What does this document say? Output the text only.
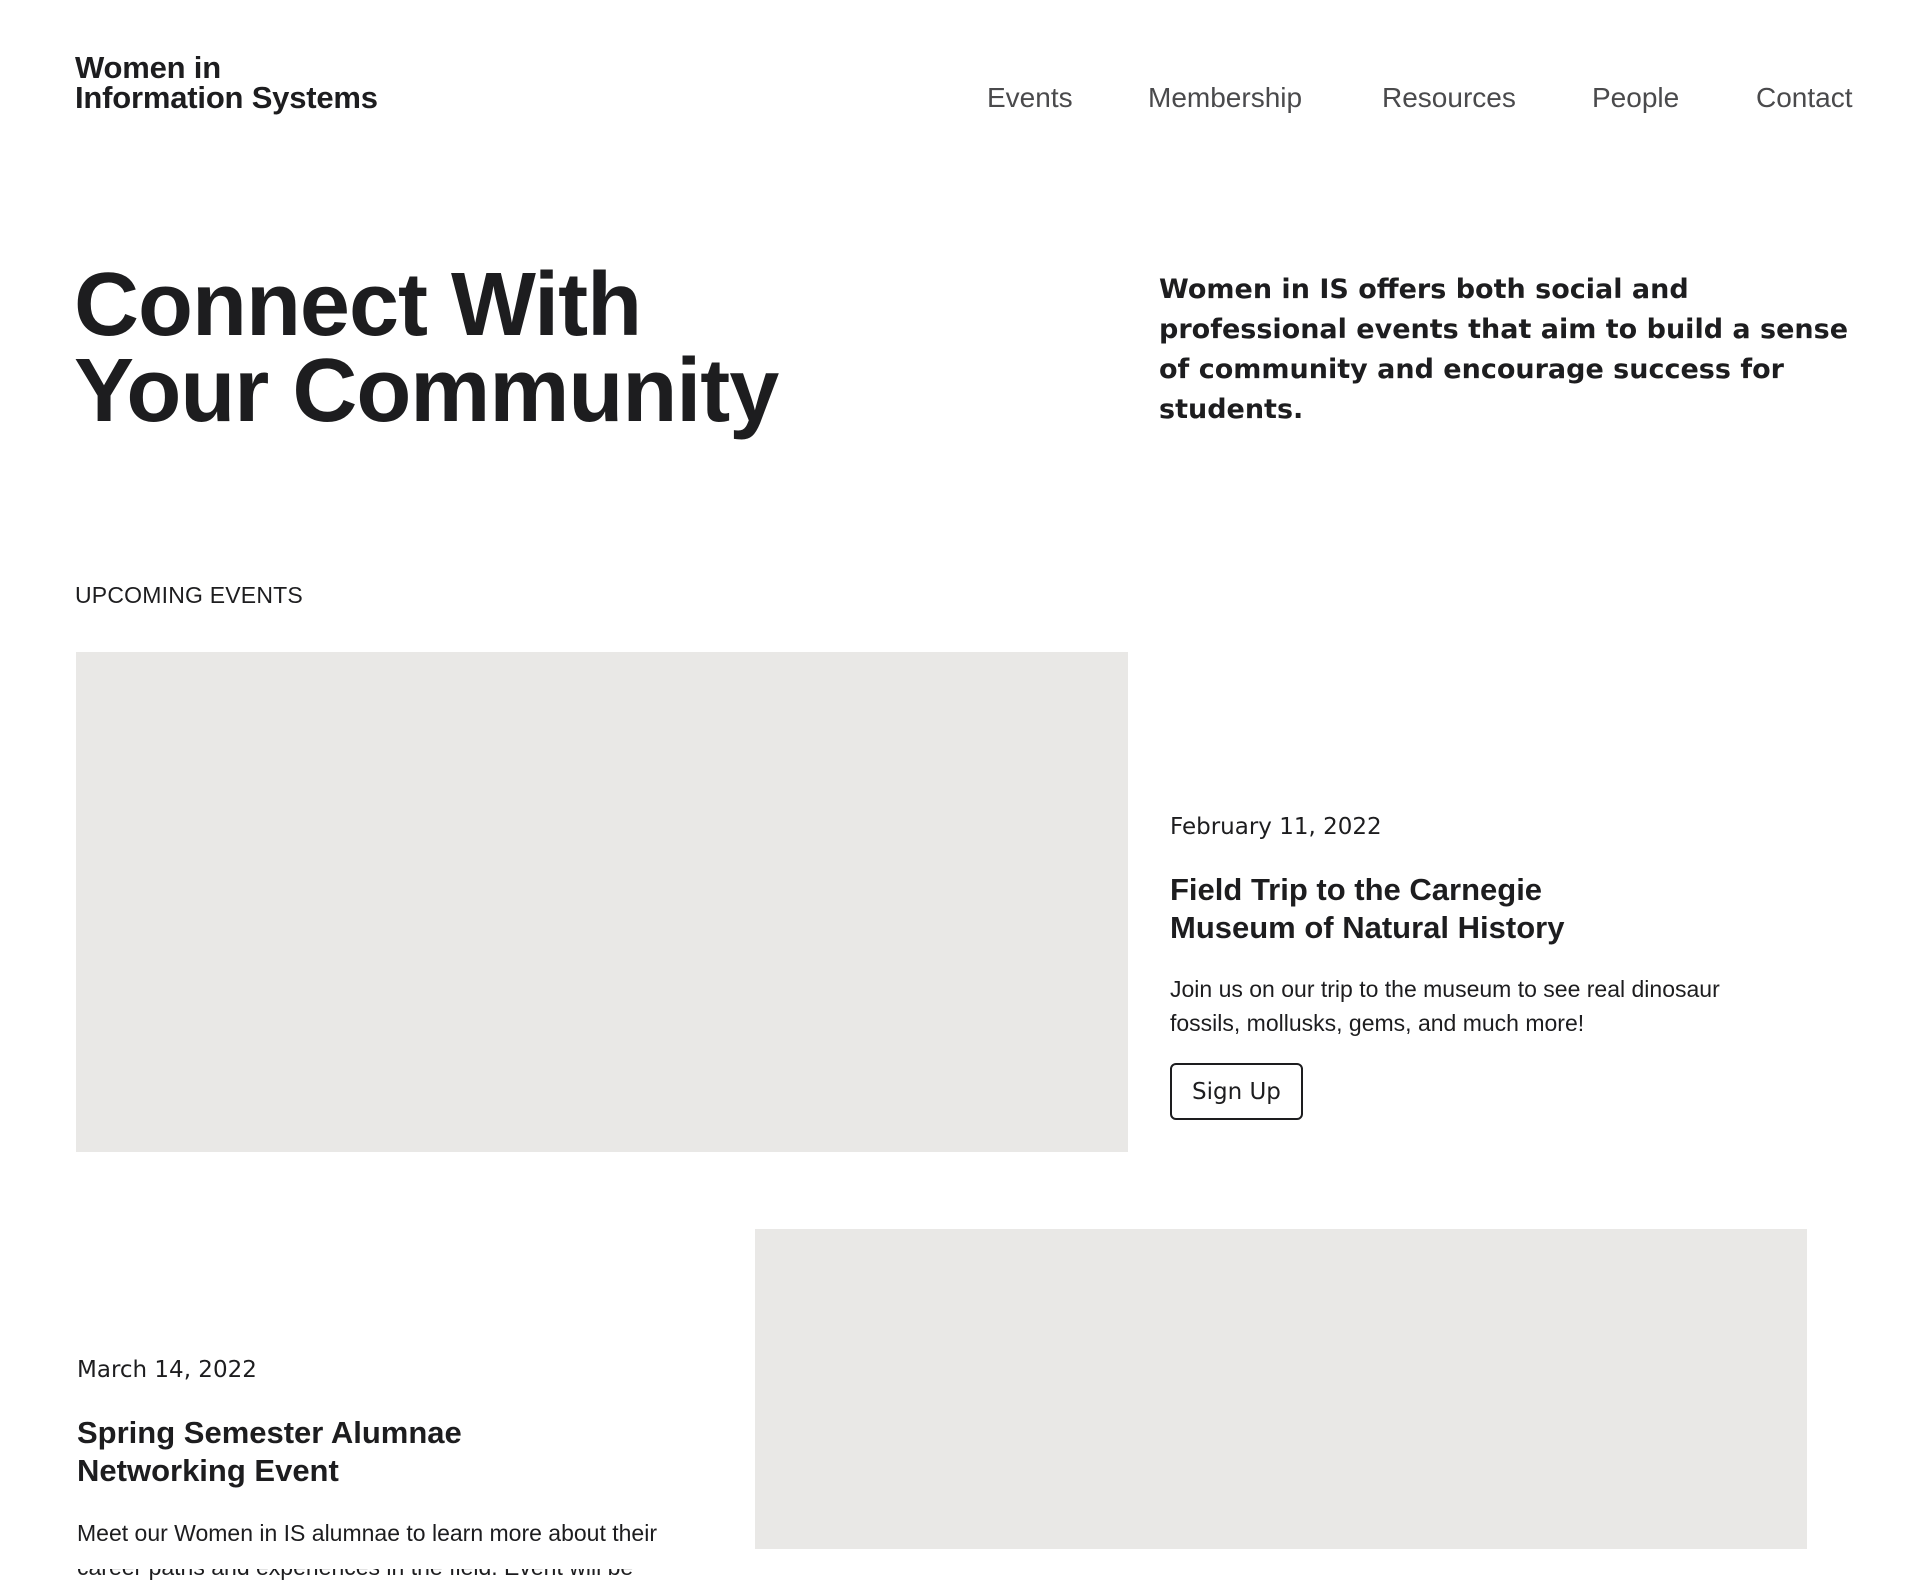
Women in
Information Systems	Events	Membership	Resources	People	Contact
Connect With
Your Community

Women in IS offers both social and professional events that aim to build a sense of community and encourage success for students.

UPCOMING EVENTS

February 11, 2022

Field Trip to the Carnegie Museum of Natural History

Join us on our trip to the museum to see real dinosaur fossils, mollusks, gems, and much more!

Sign Up

March 14, 2022

Spring Semester Alumnae Networking Event

Meet our Women in IS alumnae to learn more about their
